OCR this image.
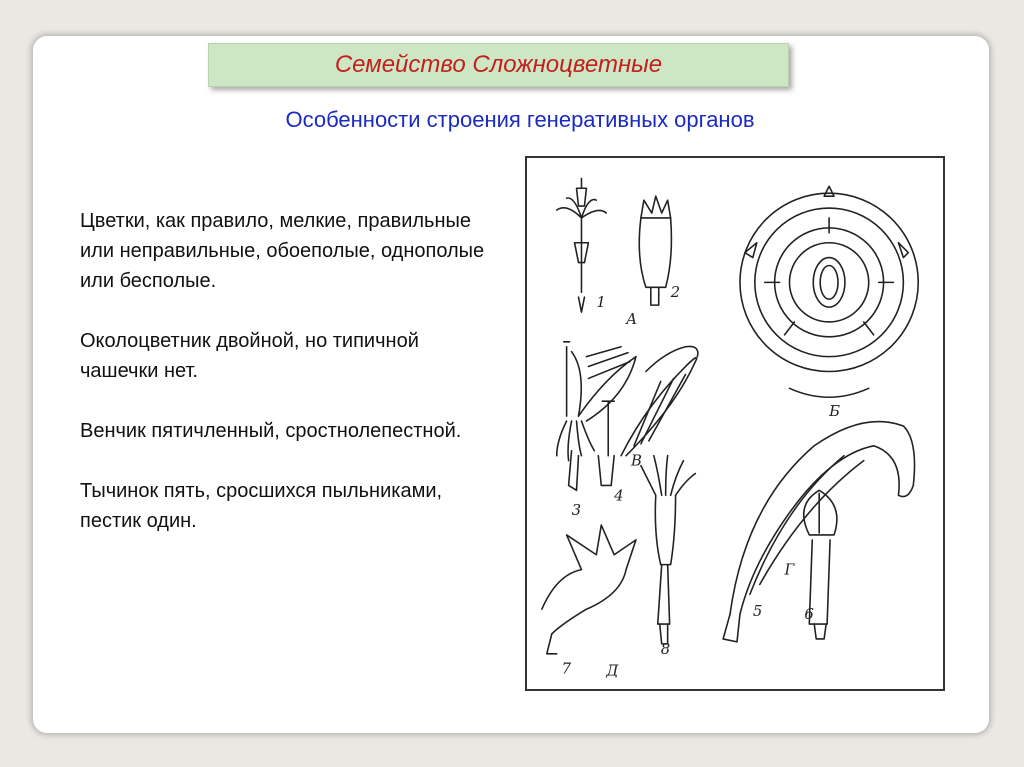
Семейство Сложноцветные
Особенности строения генеративных органов

Цветки, как правило, мелкие, правильные или неправильные, обоеполые, однополые или бесполые.

Околоцветник двойной, но типичной чашечки нет.

Венчик пятичленный, сростнолепестной.

Тычинок пять, сросшихся пыльниками, пестик один.

1
2
А
Б
В
3
4
Г
5	6
7
8
Д
